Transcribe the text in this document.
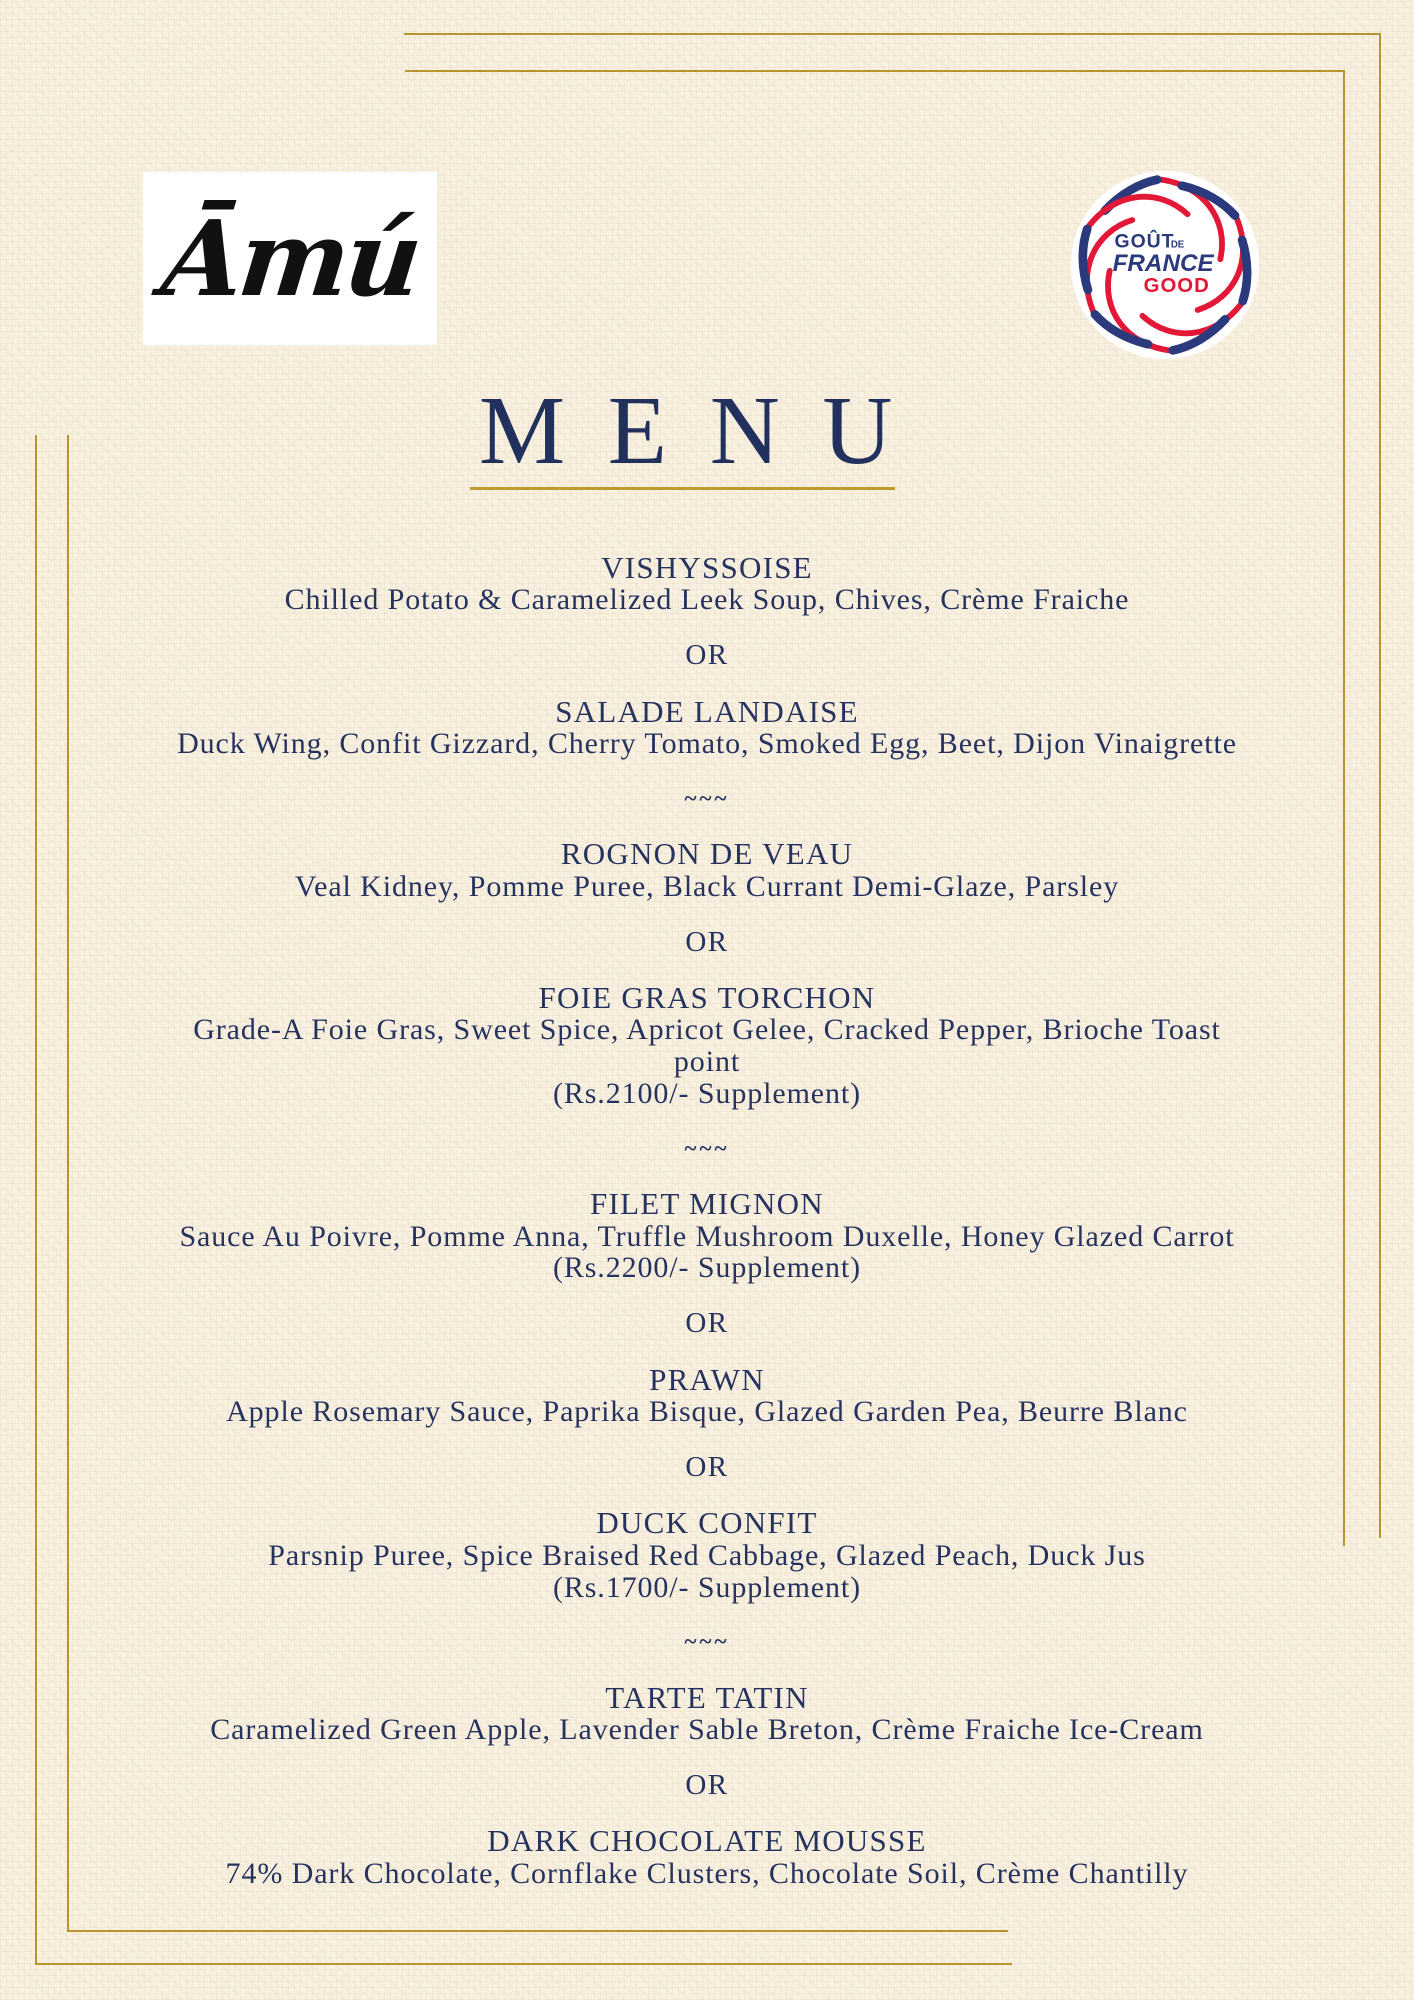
Āmú	GOÛT
DE
FRANCE
GOOD
MENU
VISHYSSOISE
Chilled Potato & Caramelized Leek Soup, Chives, Crème Fraiche
OR
SALADE LANDAISE
Duck Wing, Confit Gizzard, Cherry Tomato, Smoked Egg, Beet, Dijon Vinaigrette
~~~
ROGNON DE VEAU
Veal Kidney, Pomme Puree, Black Currant Demi-Glaze, Parsley
OR
FOIE GRAS TORCHON
Grade-A Foie Gras, Sweet Spice, Apricot Gelee, Cracked Pepper, Brioche Toast
point
(Rs.2100/- Supplement)
~~~
FILET MIGNON
Sauce Au Poivre, Pomme Anna, Truffle Mushroom Duxelle, Honey Glazed Carrot
(Rs.2200/- Supplement)
OR
PRAWN
Apple Rosemary Sauce, Paprika Bisque, Glazed Garden Pea, Beurre Blanc
OR
DUCK CONFIT
Parsnip Puree, Spice Braised Red Cabbage, Glazed Peach, Duck Jus
(Rs.1700/- Supplement)
~~~
TARTE TATIN
Caramelized Green Apple, Lavender Sable Breton, Crème Fraiche Ice-Cream
OR
DARK CHOCOLATE MOUSSE
74% Dark Chocolate, Cornflake Clusters, Chocolate Soil, Crème Chantilly
